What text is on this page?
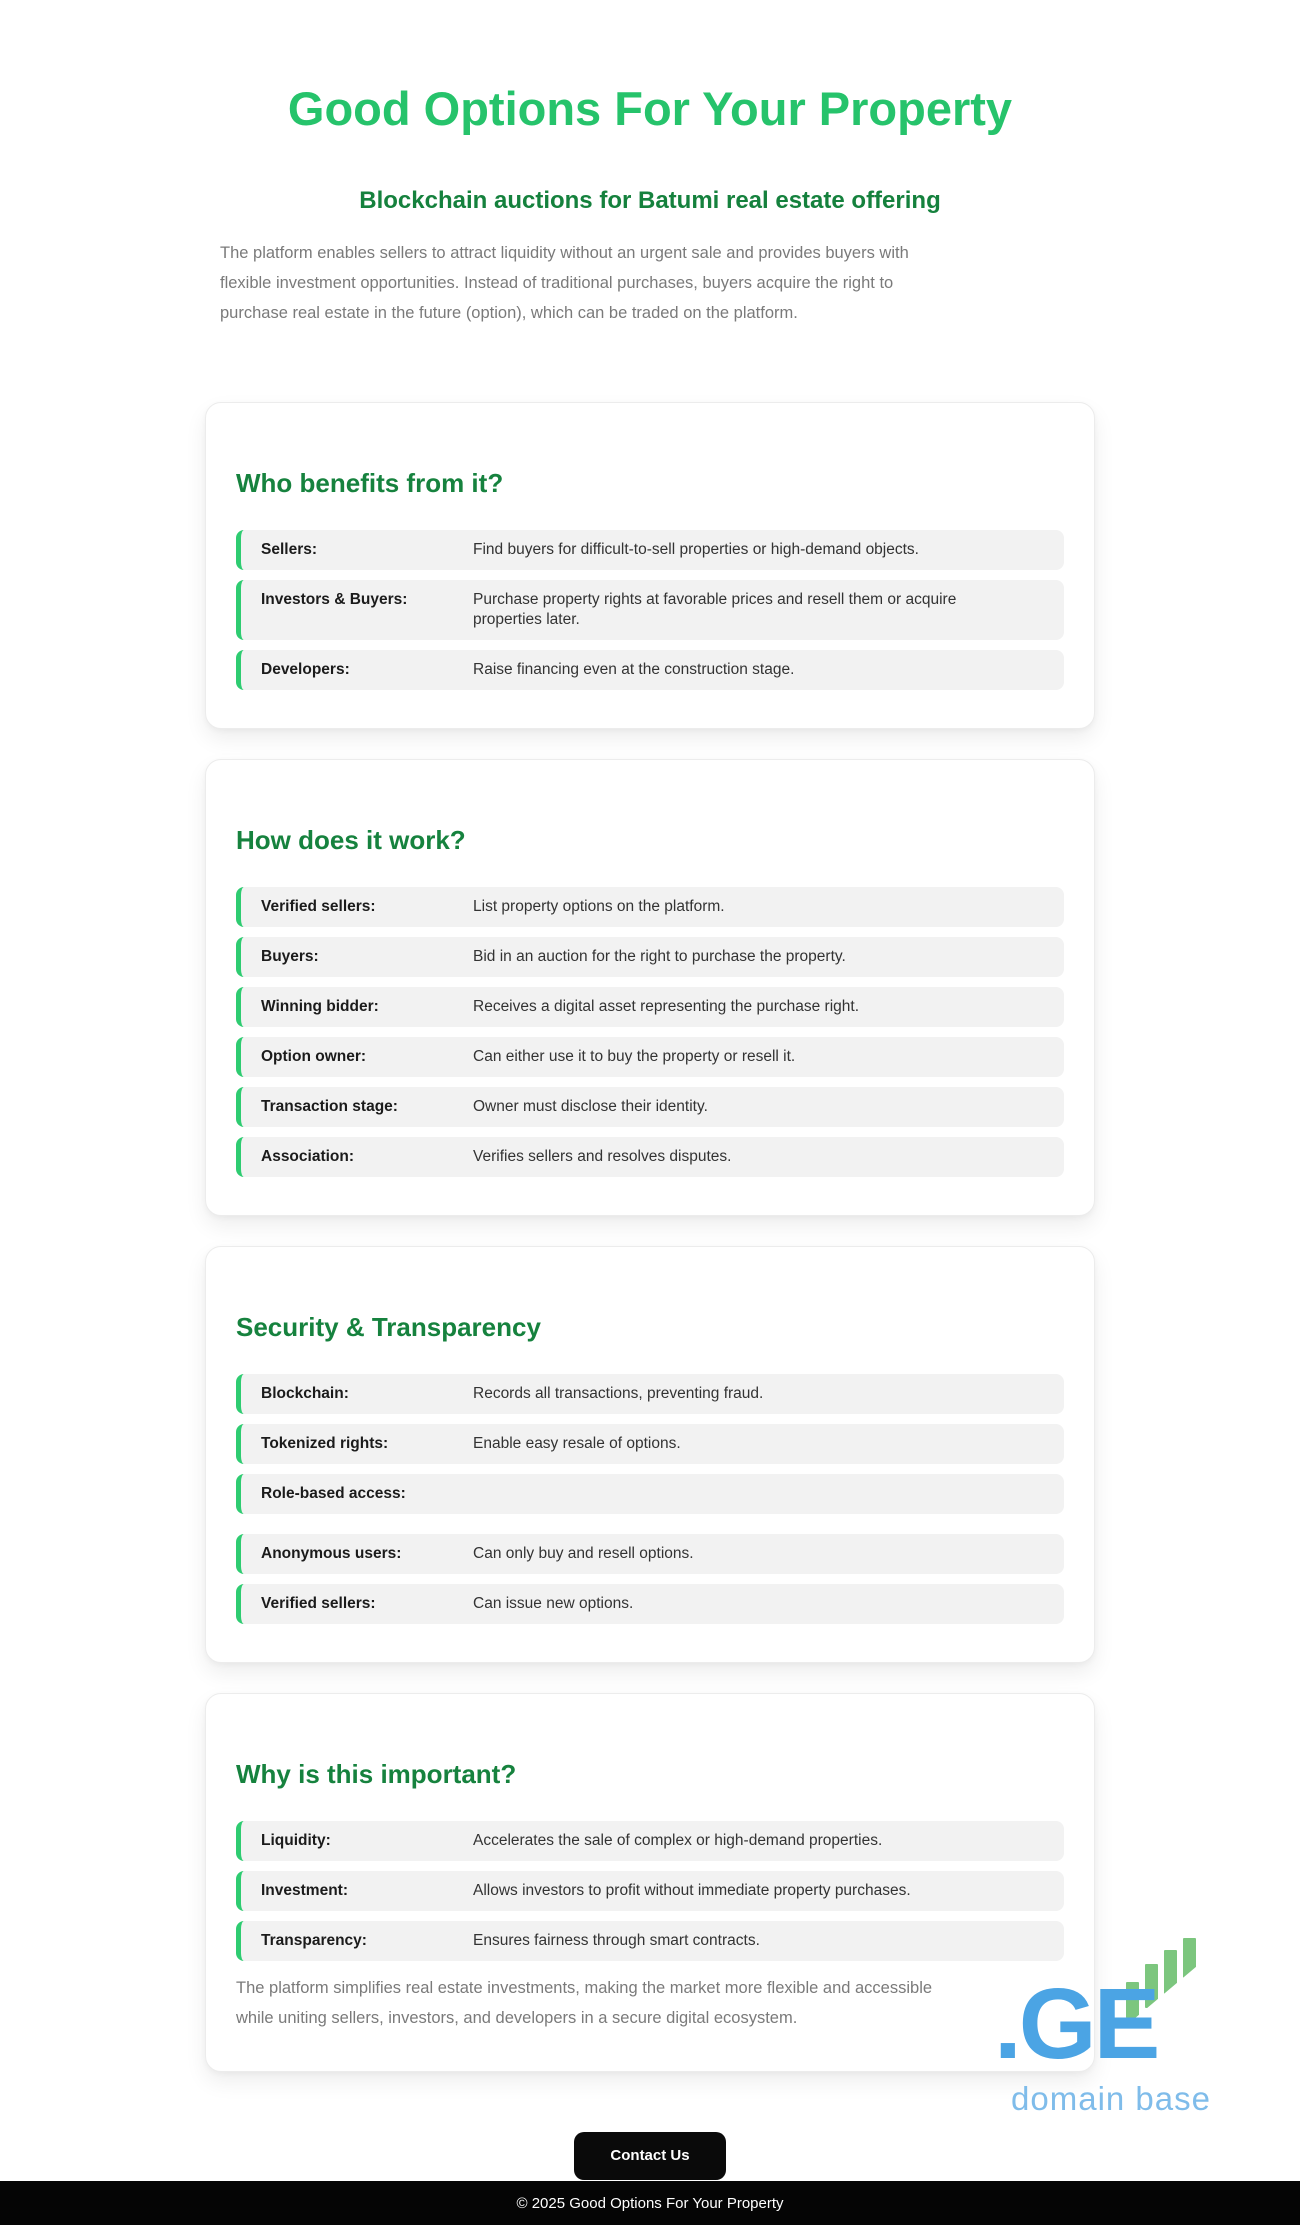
Good Options For Your Property
Blockchain auctions for Batumi real estate offering

The platform enables sellers to attract liquidity without an urgent sale and provides buyers with
flexible investment opportunities. Instead of traditional purchases, buyers acquire the right to
purchase real estate in the future (option), which can be traded on the platform.

Who benefits from it?
Sellers:	Find buyers for difficult-to-sell properties or high-demand objects.
Investors & Buyers:	Purchase property rights at favorable prices and resell them or acquire properties later.
Developers:	Raise financing even at the construction stage.
How does it work?
Verified sellers:	List property options on the platform.
Buyers:	Bid in an auction for the right to purchase the property.
Winning bidder:	Receives a digital asset representing the purchase right.
Option owner:	Can either use it to buy the property or resell it.
Transaction stage:	Owner must disclose their identity.
Association:	Verifies sellers and resolves disputes.
Security & Transparency
Blockchain:	Records all transactions, preventing fraud.
Tokenized rights:	Enable easy resale of options.
Role-based access:
Anonymous users:	Can only buy and resell options.
Verified sellers:	Can issue new options.
Why is this important?
Liquidity:	Accelerates the sale of complex or high-demand properties.
Investment:	Allows investors to profit without immediate property purchases.
Transparency:	Ensures fairness through smart contracts.

The platform simplifies real estate investments, making the market more flexible and accessible
while uniting sellers, investors, and developers in a secure digital ecosystem.

Contact Us
.GE
domain base
© 2025 Good Options For Your Property
